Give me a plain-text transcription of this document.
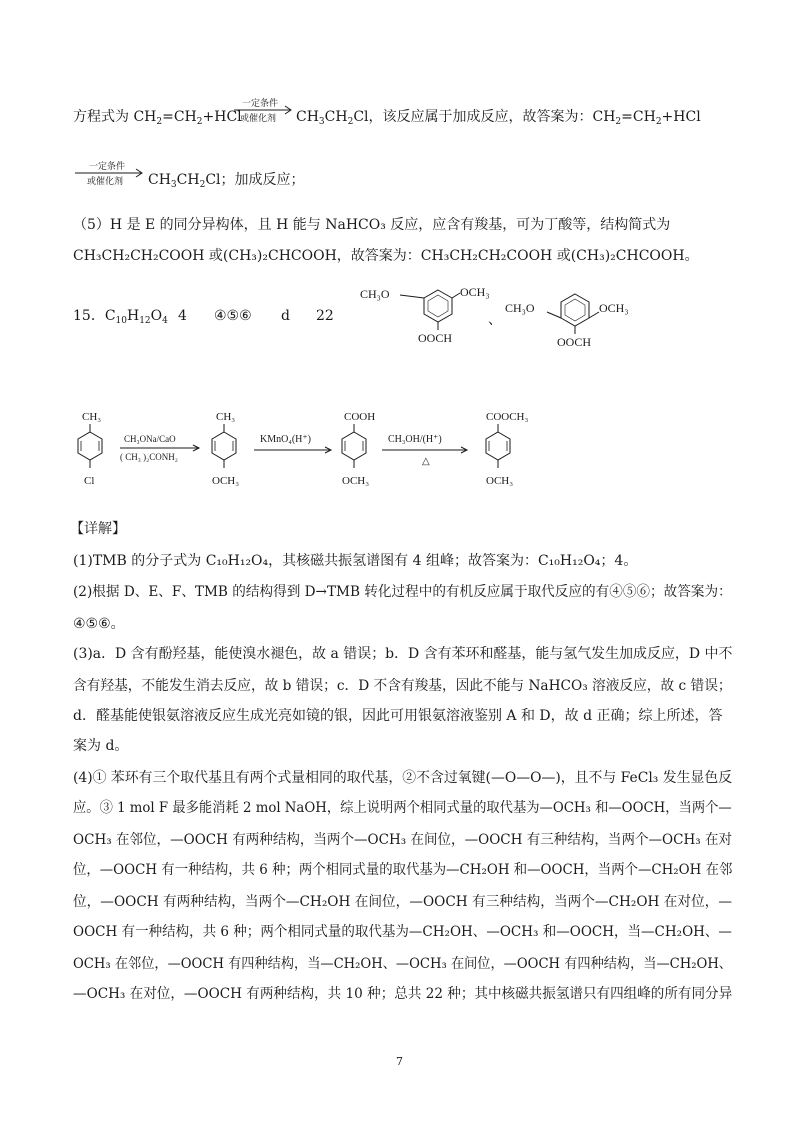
方程式为 $CH_2=CH_2+HCl$
一定条件
或催化剂 $CH_3CH_2Cl$，该反应属于加成反应，故答案为：$CH_2=CH_2+HCl$
一定条件
或催化剂 $CH_3CH_2Cl$；加成反应；
（5）H 是 E 的同分异构体，且 H 能与 NaHCO₃ 反应，应含有羧基，可为丁酸等，结构简式为
CH₃CH₂CH₂COOH 或(CH₃)₂CHCOOH，故答案为：CH₃CH₂CH₂COOH 或(CH₃)₂CHCOOH。
15．$C_{10}H_{12}O_4$ 4 ④⑤⑥ d 22	、
CH₃O	OCH₃
OOCH
CH₃O	OCH₃
OOCH
CH₃
Cl
CH₃ONa/CaO
( CH₃ )₂CONH₂
CH₃
OCH₃
KMnO₄(H⁺)
COOH
OCH₃
CH₃OH/(H⁺)
△
COOCH₃
OCH₃
【详解】
(1)TMB 的分子式为 C₁₀H₁₂O₄，其核磁共振氢谱图有 4 组峰；故答案为：C₁₀H₁₂O₄；4。
(2)根据 D、E、F、TMB 的结构得到 D→TMB 转化过程中的有机反应属于取代反应的有④⑤⑥；故答案为：
④⑤⑥。
(3)a．D 含有酚羟基，能使溴水褪色，故 a 错误；b．D 含有苯环和醛基，能与氢气发生加成反应，D 中不
含有羟基，不能发生消去反应，故 b 错误；c．D 不含有羧基，因此不能与 NaHCO₃ 溶液反应，故 c 错误；
d．醛基能使银氨溶液反应生成光亮如镜的银，因此可用银氨溶液鉴别 A 和 D，故 d 正确；综上所述，答
案为 d。
(4)① 苯环有三个取代基且有两个式量相同的取代基，②不含过氧键(—O—O—)，且不与 FeCl₃ 发生显色反
应。③ 1 mol F 最多能消耗 2 mol NaOH，综上说明两个相同式量的取代基为—OCH₃ 和—OOCH，当两个—
OCH₃ 在邻位，—OOCH 有两种结构，当两个—OCH₃ 在间位，—OOCH 有三种结构，当两个—OCH₃ 在对
位，—OOCH 有一种结构，共 6 种；两个相同式量的取代基为—CH₂OH 和—OOCH，当两个—CH₂OH 在邻
位，—OOCH 有两种结构，当两个—CH₂OH 在间位，—OOCH 有三种结构，当两个—CH₂OH 在对位，—
OOCH 有一种结构，共 6 种；两个相同式量的取代基为—CH₂OH、—OCH₃ 和—OOCH，当—CH₂OH、—
OCH₃ 在邻位，—OOCH 有四种结构，当—CH₂OH、—OCH₃ 在间位，—OOCH 有四种结构，当—CH₂OH、
—OCH₃ 在对位，—OOCH 有两种结构，共 10 种；总共 22 种；其中核磁共振氢谱只有四组峰的所有同分异
7
